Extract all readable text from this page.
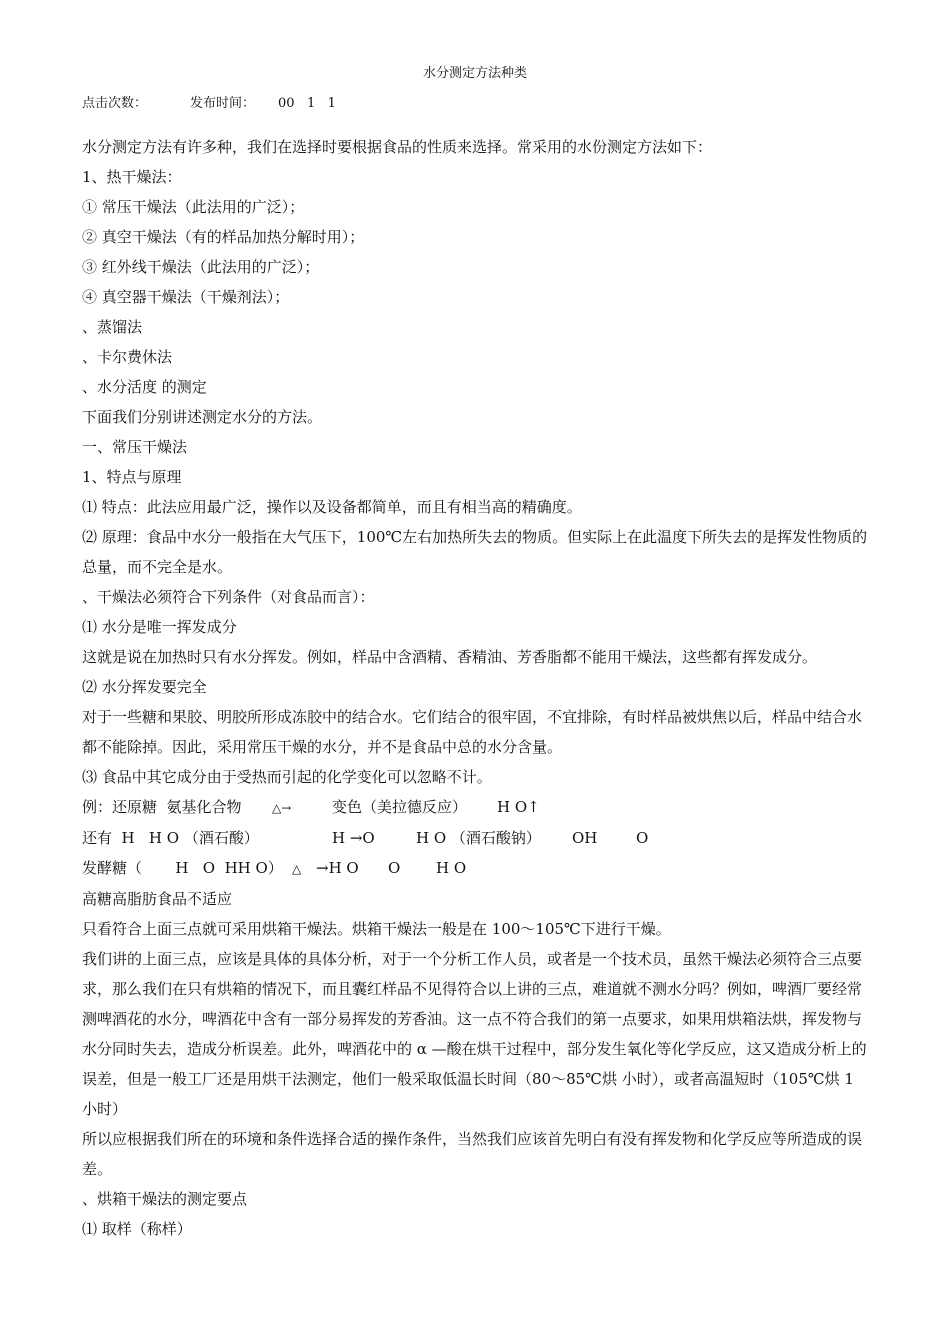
水分测定方法种类
点击次数：	发布时间： 00   1   1

水分测定方法有许多种，我们在选择时要根据食品的性质来选择。常采用的水份测定方法如下：

1、热干燥法：

① 常压干燥法（此法用的广泛）；

② 真空干燥法（有的样品加热分解时用）；

③ 红外线干燥法（此法用的广泛）；

④ 真空器干燥法（干燥剂法）；

、蒸馏法

、卡尔费休法

、水分活度 的测定

下面我们分别讲述测定水分的方法。

一、常压干燥法

1、特点与原理

⑴ 特点：此法应用最广泛，操作以及设备都简单，而且有相当高的精确度。

⑵ 原理：食品中水分一般指在大气压下，100℃左右加热所失去的物质。但实际上在此温度下所失去的是挥发性物质的总量，而不完全是水。

、干燥法必须符合下列条件（对食品而言）：

⑴ 水分是唯一挥发成分

这就是说在加热时只有水分挥发。例如，样品中含酒精、香精油、芳香脂都不能用干燥法，这些都有挥发成分。

⑵ 水分挥发要完全

对于一些糖和果胶、明胶所形成冻胶中的结合水。它们结合的很牢固，不宜排除，有时样品被烘焦以后，样品中结合水都不能除掉。因此，采用常压干燥的水分，并不是食品中总的水分含量。

⑶ 食品中其它成分由于受热而引起的化学变化可以忽略不计。

例：还原糖  氨基化合物	△→	变色（美拉德反应） H O↑
还有  H   H O （酒石酸）	H →O	H O （酒石酸钠） OH	O
发酵糖（       H   O  HH O） △ →H O O H O

高糖高脂肪食品不适应

只看符合上面三点就可采用烘箱干燥法。烘箱干燥法一般是在 100～105℃下进行干燥。

我们讲的上面三点，应该是具体的具体分析，对于一个分析工作人员，或者是一个技术员，虽然干燥法必须符合三点要求，那么我们在只有烘箱的情况下，而且囊红样品不见得符合以上讲的三点，难道就不测水分吗？例如，啤酒厂要经常测啤酒花的水分，啤酒花中含有一部分易挥发的芳香油。这一点不符合我们的第一点要求，如果用烘箱法烘，挥发物与水分同时失去，造成分析误差。此外，啤酒花中的 α —酸在烘干过程中，部分发生氧化等化学反应，这又造成分析上的误差，但是一般工厂还是用烘干法测定，他们一般采取低温长时间（80～85℃烘 小时），或者高温短时（105℃烘 1 小时）

所以应根据我们所在的环境和条件选择合适的操作条件，当然我们应该首先明白有没有挥发物和化学反应等所造成的误差。

、烘箱干燥法的测定要点

⑴ 取样（称样）
